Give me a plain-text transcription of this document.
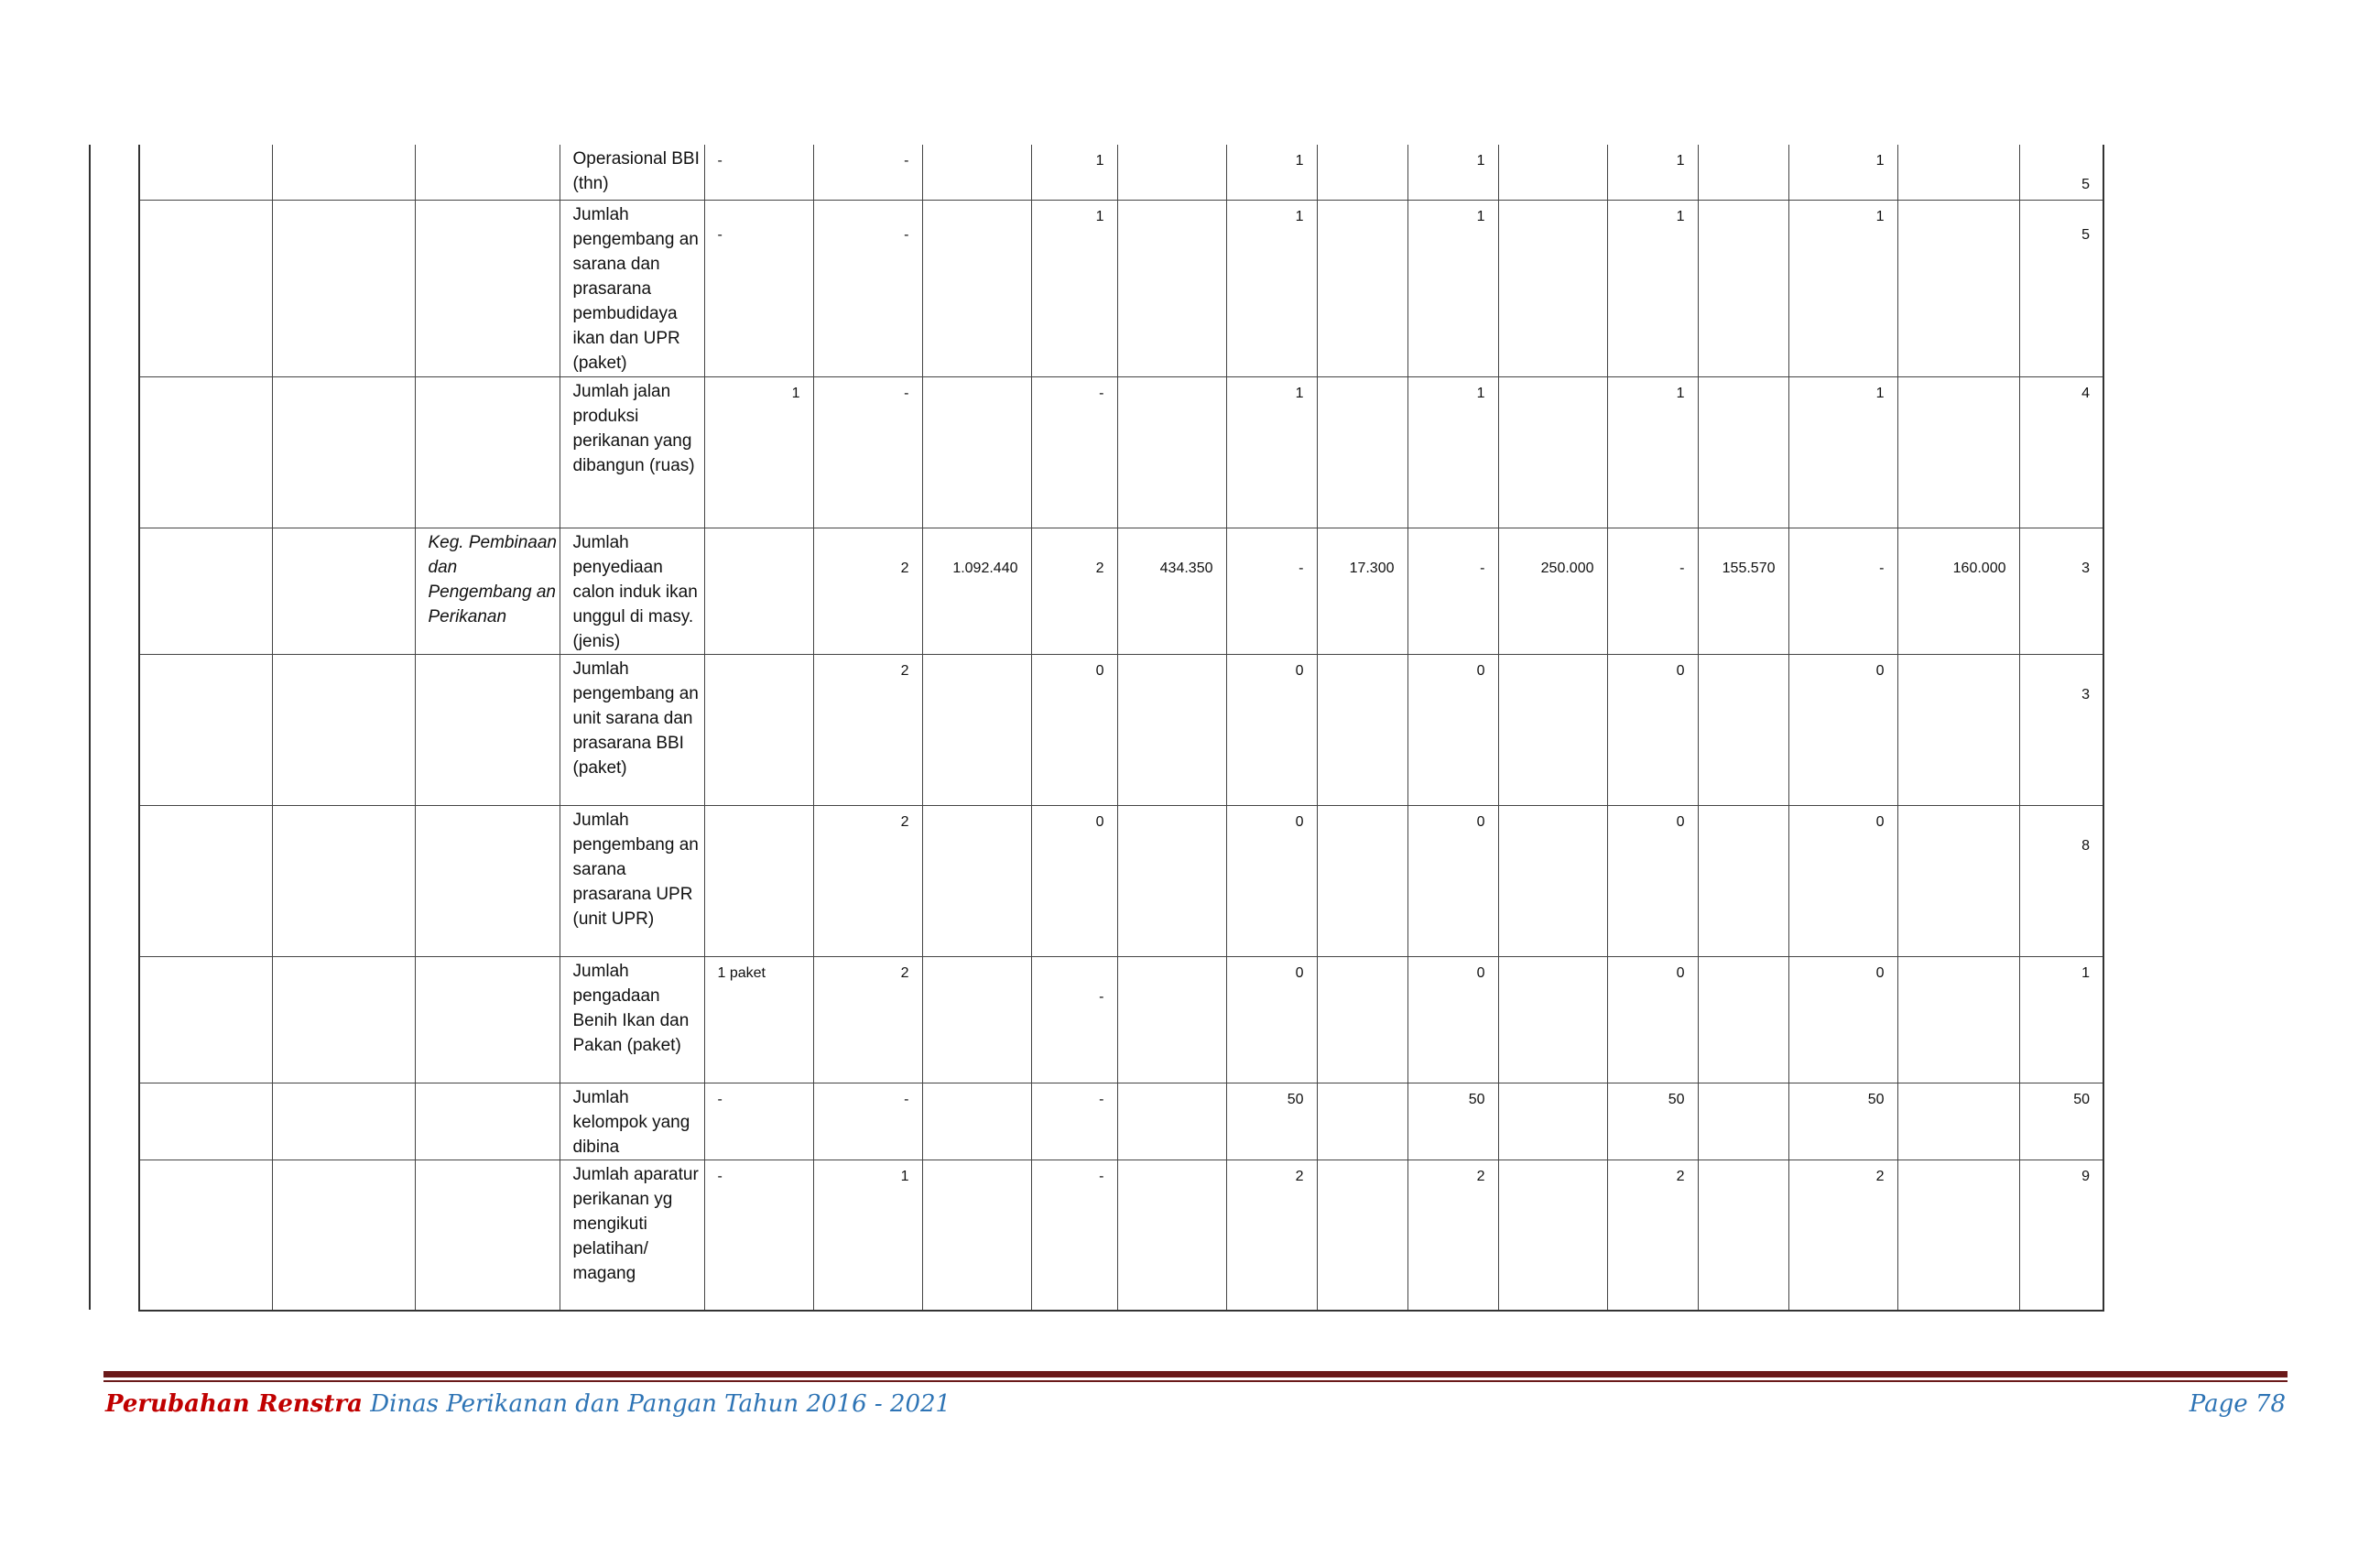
			Operasional BBI (thn)	-	-		1		1		1		1		1		5
			Jumlah pengembang an sarana dan prasarana pembudidaya ikan dan UPR (paket)	-	-		1		1		1		1		1		5
			Jumlah jalan produksi perikanan yang dibangun (ruas)	1	-		-		1		1		1		1		4
		Keg. Pembinaan dan Pengembang an Perikanan	Jumlah penyediaan calon induk ikan unggul di masy. (jenis)		2	1.092.440	2	434.350	-	17.300	-	250.000	-	155.570	-	160.000	3
			Jumlah pengembang an unit sarana dan prasarana BBI (paket)		2		0		0		0		0		0		3
			Jumlah pengembang an sarana prasarana UPR (unit UPR)		2		0		0		0		0		0		8
			Jumlah pengadaan Benih Ikan dan Pakan (paket)	1 paket	2		-		0		0		0		0		1
			Jumlah kelompok yang dibina	-	-		-		50		50		50		50		50
			Jumlah aparatur perikanan yg mengikuti pelatihan/ magang	-	1		-		2		2		2		2		9
Perubahan Renstra Dinas Perikanan dan Pangan Tahun 2016 - 2021	Page 78
